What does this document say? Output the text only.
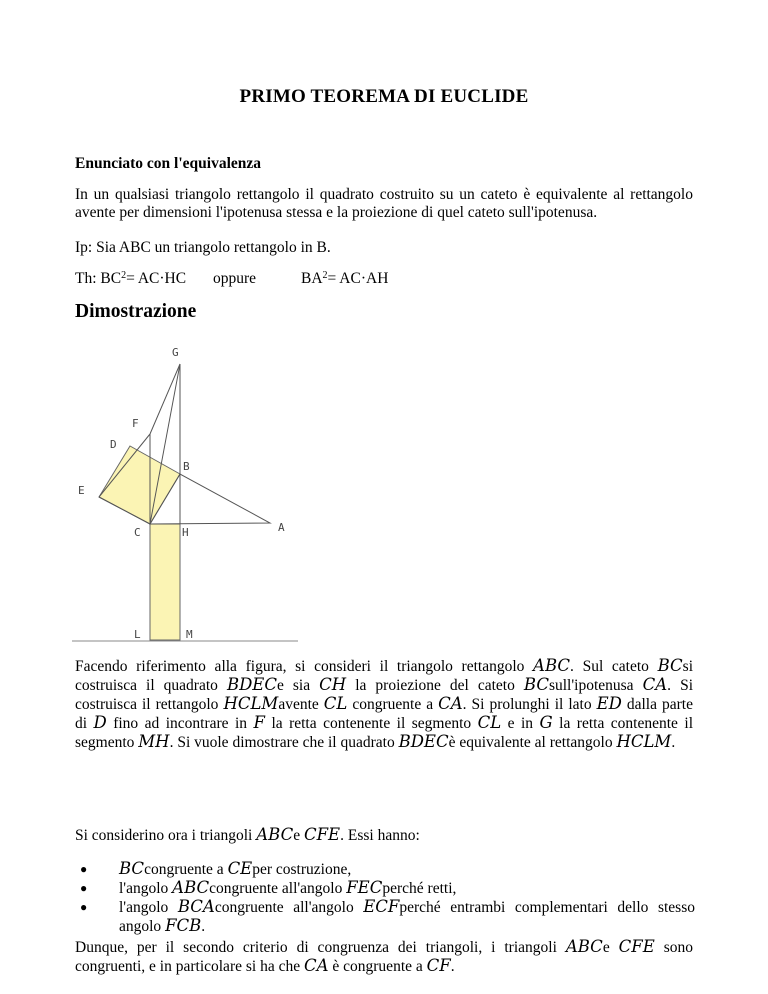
PRIMO TEOREMA DI EUCLIDE
Enunciato con l'equivalenza
In un qualsiasi triangolo rettangolo il quadrato costruito su un cateto è equivalente al rettangolo avente per dimensioni l'ipotenusa stessa e la proiezione di quel cateto sull'ipotenusa.
Ip: Sia ABC un triangolo rettangolo in B.
Th: $BC^2= AC\cdot HC$ oppure	$BA^2= AC\cdot AH$
Dimostrazione
G
F
D
B
E
A
C	H
L	M
Facendo riferimento alla figura, si consideri il triangolo rettangolo ABC. Sul cateto BCsi costruisca il quadrato BDECe sia CH la proiezione del cateto BCsull'ipotenusa CA. Si costruisca il rettangolo HCLMavente CL congruente a CA. Si prolunghi il lato ED dalla parte di D fino ad incontrare in F la retta contenente il segmento CL e in G la retta contenente il segmento MH. Si vuole dimostrare che il quadrato BDECè equivalente al rettangolo HCLM.
Si considerino ora i triangoli ABCe CFE. Essi hanno:
● BCcongruente a CEper costruzione,
● l'angolo ABCcongruente all'angolo FECperché retti,
● l'angolo BCAcongruente all'angolo ECFperché entrambi complementari dello stesso angolo FCB.
Dunque, per il secondo criterio di congruenza dei triangoli, i triangoli ABCe CFE sono congruenti, e in particolare si ha che CA è congruente a CF.
